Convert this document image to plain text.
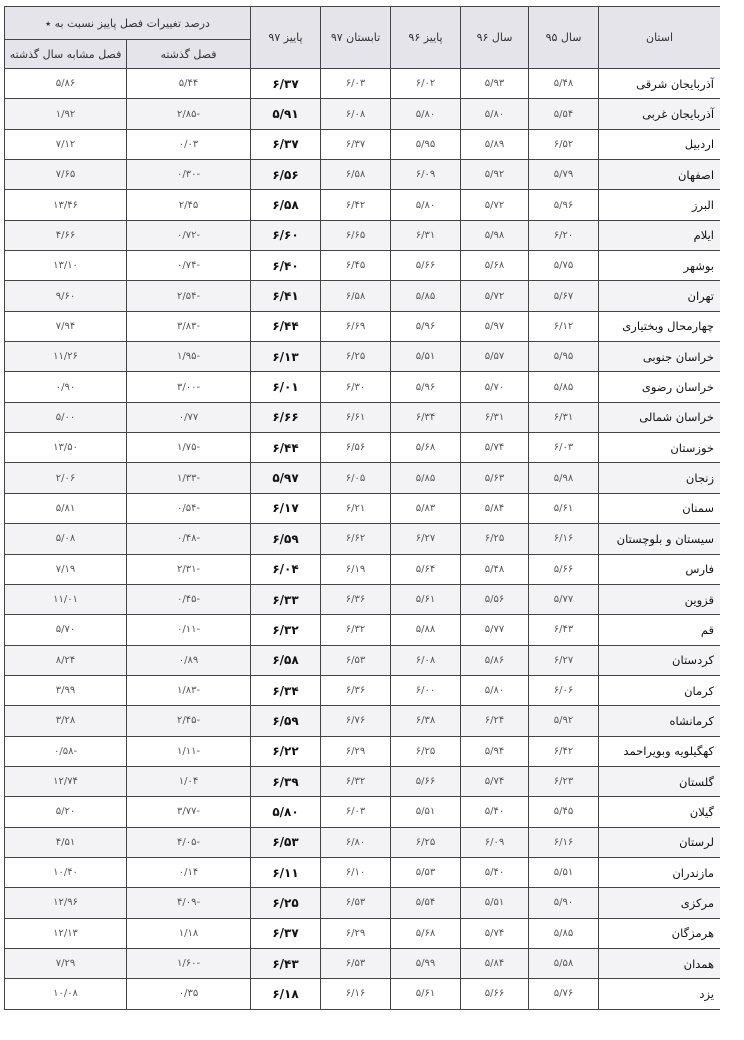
استان	سال ۹۵	سال ۹۶	پاییز ۹۶	تابستان ۹۷	پاییز ۹۷	درصد تغییرات فصل پاییز نسبت به ٭	
						فصل گذشته	فصل مشابه سال گذشته
آذربایجان شرقی	۵/۴۸	۵/۹۳	۶/۰۲	۶/۰۳	۶/۳۷	۵/۴۴	۵/۸۶
آذربایجان غربی	۵/۵۴	۵/۸۰	۵/۸۰	۶/۰۸	۵/۹۱	-۲/۸۵	۱/۹۲
اردبیل	۶/۵۲	۵/۸۹	۵/۹۵	۶/۳۷	۶/۳۷	۰/۰۳	۷/۱۲
اصفهان	۵/۷۹	۵/۹۲	۶/۰۹	۶/۵۸	۶/۵۶	-۰/۳۰	۷/۶۵
البرز	۵/۹۶	۵/۷۲	۵/۸۰	۶/۴۲	۶/۵۸	۲/۴۵	۱۳/۴۶
ایلام	۶/۲۰	۵/۹۸	۶/۳۱	۶/۶۵	۶/۶۰	-۰/۷۲	۴/۶۶
بوشهر	۵/۷۵	۵/۶۸	۵/۶۶	۶/۴۵	۶/۴۰	-۰/۷۴	۱۳/۱۰
تهران	۵/۶۷	۵/۷۲	۵/۸۵	۶/۵۸	۶/۴۱	-۲/۵۴	۹/۶۰
چهارمحال وبختیاری	۶/۱۲	۵/۹۷	۵/۹۶	۶/۶۹	۶/۴۴	-۳/۸۳	۷/۹۴
خراسان جنوبی	۵/۹۵	۵/۵۷	۵/۵۱	۶/۲۵	۶/۱۳	-۱/۹۵	۱۱/۲۶
خراسان رضوی	۵/۸۵	۵/۷۰	۵/۹۶	۶/۳۰	۶/۰۱	-۳/۰۰	۰/۹۰
خراسان شمالی	۶/۳۱	۶/۳۱	۶/۳۴	۶/۶۱	۶/۶۶	۰/۷۷	۵/۰۰
خوزستان	۶/۰۳	۵/۷۴	۵/۶۸	۶/۵۶	۶/۴۴	-۱/۷۵	۱۳/۵۰
زنجان	۵/۹۸	۵/۶۳	۵/۸۵	۶/۰۵	۵/۹۷	-۱/۳۳	۲/۰۶
سمنان	۵/۶۱	۵/۸۴	۵/۸۳	۶/۲۱	۶/۱۷	-۰/۵۴	۵/۸۱
سیستان و بلوچستان	۶/۱۶	۶/۲۵	۶/۲۷	۶/۶۲	۶/۵۹	-۰/۴۸	۵/۰۸
فارس	۵/۶۶	۵/۴۸	۵/۶۴	۶/۱۹	۶/۰۴	-۲/۳۱	۷/۱۹
قزوین	۵/۷۷	۵/۵۶	۵/۶۱	۶/۳۶	۶/۳۳	-۰/۴۵	۱۱/۰۱
قم	۶/۴۳	۵/۷۷	۵/۸۸	۶/۳۲	۶/۳۲	-۰/۱۱	۵/۷۰
کردستان	۶/۲۷	۵/۸۶	۶/۰۸	۶/۵۳	۶/۵۸	۰/۸۹	۸/۲۴
کرمان	۶/۰۶	۵/۸۰	۶/۰۰	۶/۳۶	۶/۳۴	-۱/۸۳	۳/۹۹
کرمانشاه	۵/۹۲	۶/۲۴	۶/۳۸	۶/۷۶	۶/۵۹	-۲/۴۵	۳/۲۸
کهگیلویه وبویراحمد	۶/۴۲	۵/۹۴	۶/۲۵	۶/۲۹	۶/۲۲	-۱/۱۱	-۰/۵۸
گلستان	۶/۲۳	۵/۷۴	۵/۶۶	۶/۳۲	۶/۳۹	۱/۰۴	۱۲/۷۴
گیلان	۵/۴۵	۵/۴۰	۵/۵۱	۶/۰۳	۵/۸۰	-۳/۷۷	۵/۲۰
لرستان	۶/۱۶	۶/۰۹	۶/۲۵	۶/۸۰	۶/۵۳	-۴/۰۵	۴/۵۱
مازندران	۵/۵۱	۵/۴۰	۵/۵۳	۶/۱۰	۶/۱۱	۰/۱۴	۱۰/۴۰
مرکزی	۵/۹۰	۵/۵۱	۵/۵۴	۶/۵۳	۶/۲۵	-۴/۰۹	۱۲/۹۶
هرمزگان	۵/۸۵	۵/۷۴	۵/۶۸	۶/۲۹	۶/۳۷	۱/۱۸	۱۲/۱۳
همدان	۵/۵۸	۵/۸۴	۵/۹۹	۶/۵۳	۶/۴۳	-۱/۶۰	۷/۲۹
یزد	۵/۷۶	۵/۶۶	۵/۶۱	۶/۱۶	۶/۱۸	۰/۳۵	۱۰/۰۸
